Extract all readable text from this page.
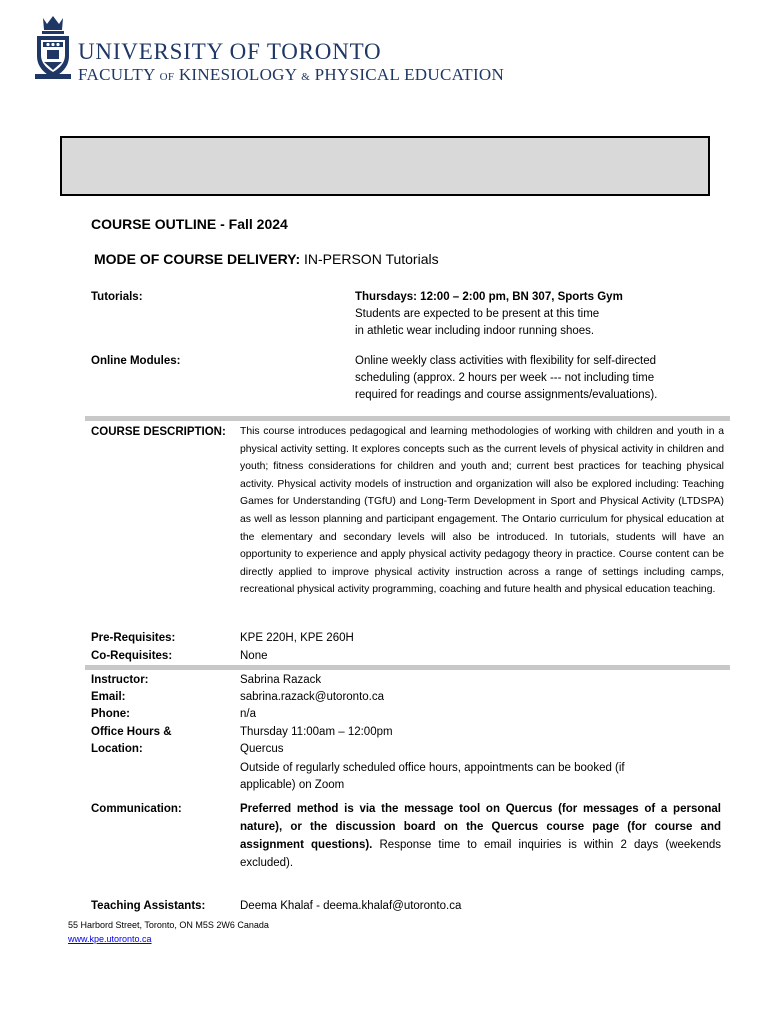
UNIVERSITY OF TORONTO
FACULTY OF KINESIOLOGY & PHYSICAL EDUCATION
COURSE OUTLINE - Fall 2024
MODE OF COURSE DELIVERY: IN-PERSON Tutorials
Tutorials:	Thursdays: 12:00 – 2:00 pm, BN 307, Sports Gym
Students are expected to be present at this time
in athletic wear including indoor running shoes.
Online Modules:	Online weekly class activities with flexibility for self-directed
scheduling (approx. 2 hours per week --- not including time
required for readings and course assignments/evaluations).
COURSE DESCRIPTION: This course introduces pedagogical and learning methodologies of working with children and youth in a physical activity setting. It explores concepts such as the current levels of physical activity in children and youth; fitness considerations for children and youth and; current best practices for teaching physical activity. Physical activity models of instruction and organization will also be explored including: Teaching Games for Understanding (TGfU) and Long-Term Development in Sport and Physical Activity (LTDSPA) as well as lesson planning and participant engagement. The Ontario curriculum for physical education at the elementary and secondary levels will also be introduced. In tutorials, students will have an opportunity to experience and apply physical activity pedagogy theory in practice. Course content can be directly applied to improve physical activity instruction across a range of settings including camps, recreational physical activity programming, coaching and future health and physical education teaching.
Pre-Requisites:	KPE 220H, KPE 260H
Co-Requisites:	None
Instructor:	Sabrina Razack
Email:	sabrina.razack@utoronto.ca
Phone:	n/a
Office Hours &	Thursday 11:00am – 12:00pm
Location:	Quercus
Outside of regularly scheduled office hours, appointments can be booked (if
applicable) on Zoom
Communication:	Preferred method is via the message tool on Quercus (for messages of a personal nature), or the discussion board on the Quercus course page (for course and assignment questions). Response time to email inquiries is within 2 days (weekends excluded).
Teaching Assistants:	Deema Khalaf - deema.khalaf@utoronto.ca
55 Harbord Street, Toronto, ON M5S 2W6 Canada
www.kpe.utoronto.ca
